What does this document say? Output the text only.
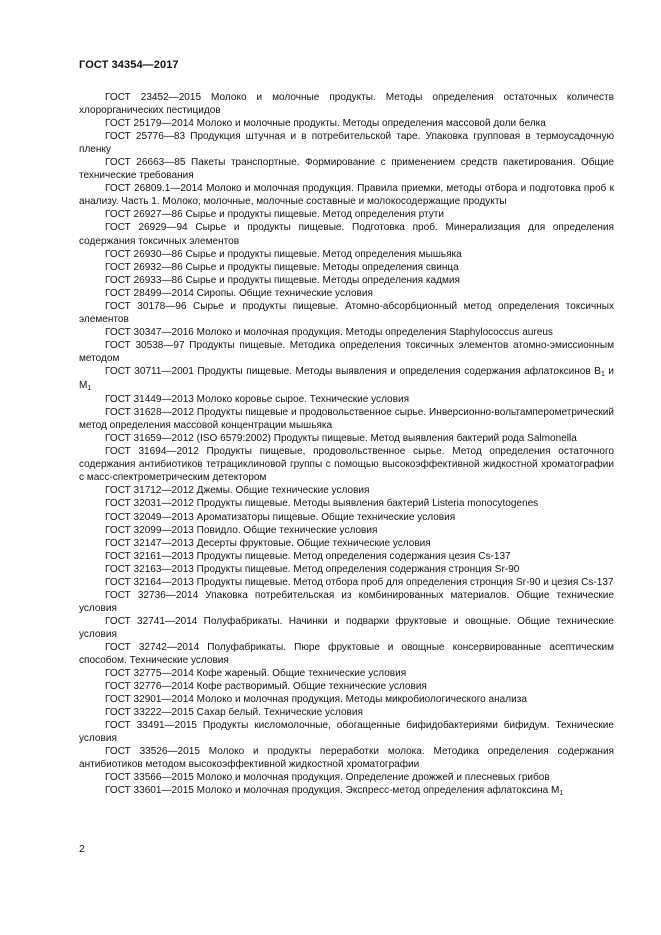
ГОСТ 34354—2017

ГОСТ 23452—2015 Молоко и молочные продукты. Методы определения остаточных количеств хлорорганических пестицидов

ГОСТ 25179—2014 Молоко и молочные продукты. Методы определения массовой доли белка

ГОСТ 25776—83 Продукция штучная и в потребительской таре. Упаковка групповая в термоусадочную пленку

ГОСТ 26663—85 Пакеты транспортные. Формирование с применением средств пакетирования. Общие технические требования

ГОСТ 26809.1—2014 Молоко и молочная продукция. Правила приемки, методы отбора и подготовка проб к анализу. Часть 1. Молоко, молочные, молочные составные и молокосодержащие продукты

ГОСТ 26927—86 Сырье и продукты пищевые. Метод определения ртути

ГОСТ 26929—94 Сырье и продукты пищевые. Подготовка проб. Минерализация для определения содержания токсичных элементов

ГОСТ 26930—86 Сырье и продукты пищевые. Метод определения мышьяка

ГОСТ 26932—86 Сырье и продукты пищевые. Методы определения свинца

ГОСТ 26933—86 Сырье и продукты пищевые. Методы определения кадмия

ГОСТ 28499—2014 Сиропы. Общие технические условия

ГОСТ 30178—96 Сырье и продукты пищевые. Атомно-абсорбционный метод определения токсичных элементов

ГОСТ 30347—2016 Молоко и молочная продукция. Методы определения Staphylococcus aureus

ГОСТ 30538—97 Продукты пищевые. Методика определения токсичных элементов атомно-эмиссионным методом

ГОСТ 30711—2001 Продукты пищевые. Методы выявления и определения содержания афлатоксинов B1 и M1

ГОСТ 31449—2013 Молоко коровье сырое. Технические условия

ГОСТ 31628—2012 Продукты пищевые и продовольственное сырье. Инверсионно-вольтамперометрический метод определения массовой концентрации мышьяка

ГОСТ 31659—2012 (ISO 6579:2002) Продукты пищевые. Метод выявления бактерий рода Salmonella

ГОСТ 31694—2012 Продукты пищевые, продовольственное сырье. Метод определения остаточного содержания антибиотиков тетрациклиновой группы с помощью высокоэффективной жидкостной хроматографии с масс-спектрометрическим детектором

ГОСТ 31712—2012 Джемы. Общие технические условия

ГОСТ 32031—2012 Продукты пищевые. Методы выявления бактерий Listeria monocytogenes

ГОСТ 32049—2013 Ароматизаторы пищевые. Общие технические условия

ГОСТ 32099—2013 Повидло. Общие технические условия

ГОСТ 32147—2013 Десерты фруктовые. Общие технические условия

ГОСТ 32161—2013 Продукты пищевые. Метод определения содержания цезия Cs-137

ГОСТ 32163—2013 Продукты пищевые. Метод определения содержания стронция Sr-90

ГОСТ 32164—2013 Продукты пищевые. Метод отбора проб для определения стронция Sr-90 и цезия Cs-137

ГОСТ 32736—2014 Упаковка потребительская из комбинированных материалов. Общие технические условия

ГОСТ 32741—2014 Полуфабрикаты. Начинки и подварки фруктовые и овощные. Общие технические условия

ГОСТ 32742—2014 Полуфабрикаты. Пюре фруктовые и овощные консервированные асептическим способом. Технические условия

ГОСТ 32775—2014 Кофе жареный. Общие технические условия

ГОСТ 32776—2014 Кофе растворимый. Общие технические условия

ГОСТ 32901—2014 Молоко и молочная продукция. Методы микробиологического анализа

ГОСТ 33222—2015 Сахар белый. Технические условия

ГОСТ 33491—2015 Продукты кисломолочные, обогащенные бифидобактериями бифидум. Технические условия

ГОСТ 33526—2015 Молоко и продукты переработки молока. Методика определения содержания антибиотиков методом высокоэффективной жидкостной хроматографии

ГОСТ 33566—2015 Молоко и молочная продукция. Определение дрожжей и плесневых грибов

ГОСТ 33601—2015 Молоко и молочная продукция. Экспресс-метод определения афлатоксина M1

2
